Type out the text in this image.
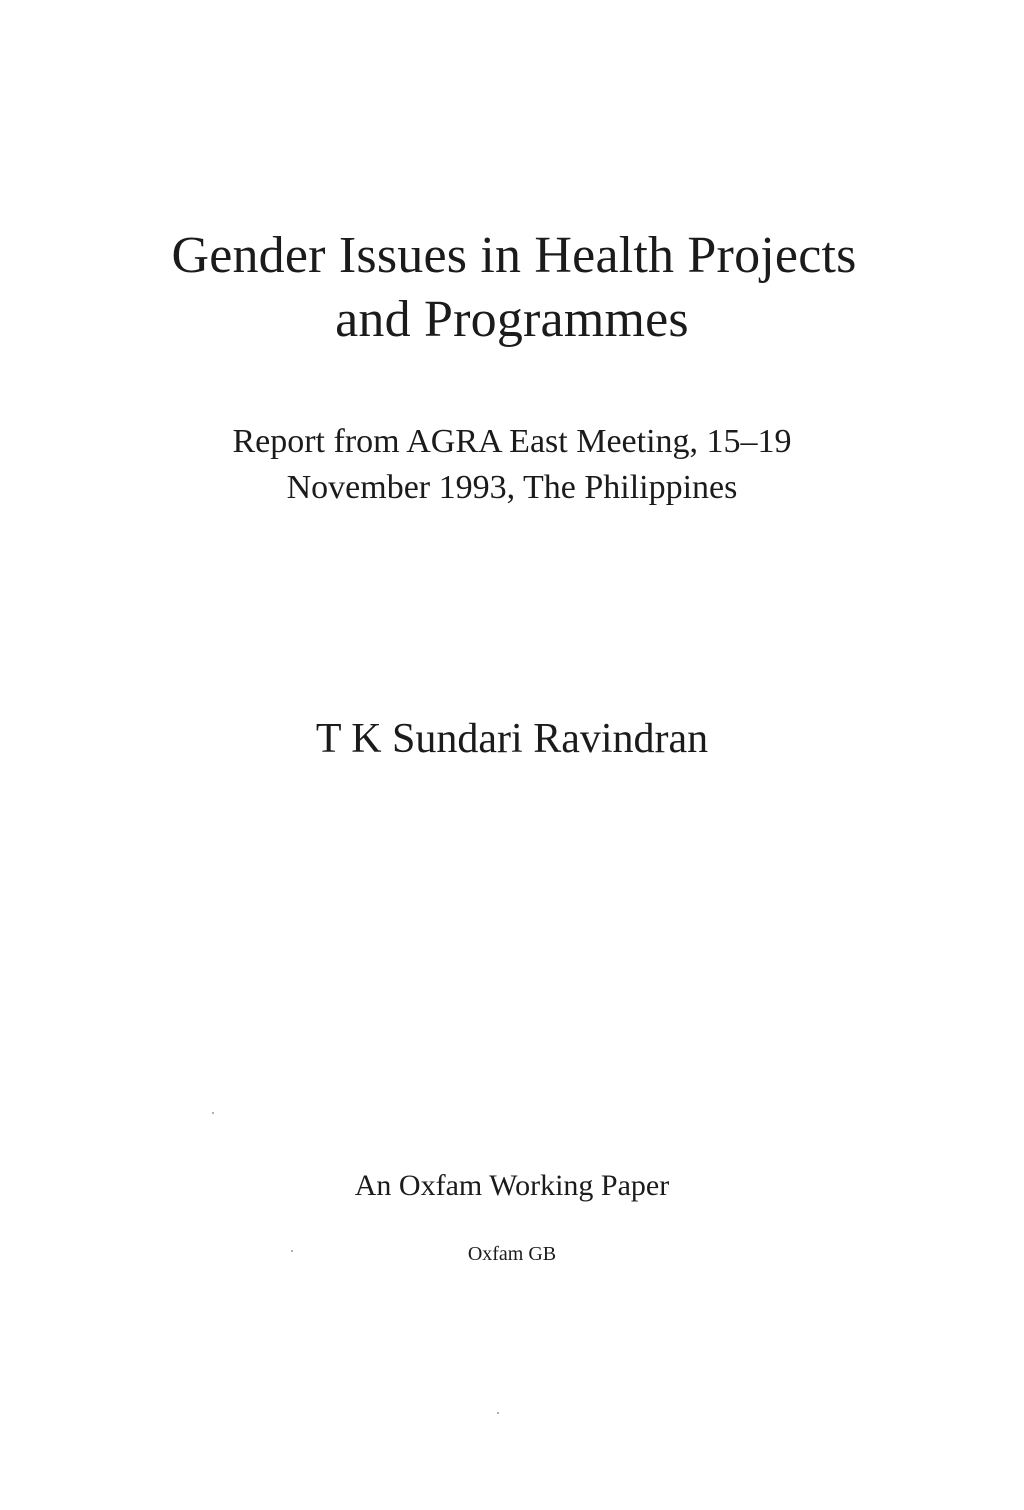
Gender Issues in Health Projects
and Programmes
Report from AGRA East Meeting, 15–19
November 1993, The Philippines
T K Sundari Ravindran
An Oxfam Working Paper
Oxfam GB
